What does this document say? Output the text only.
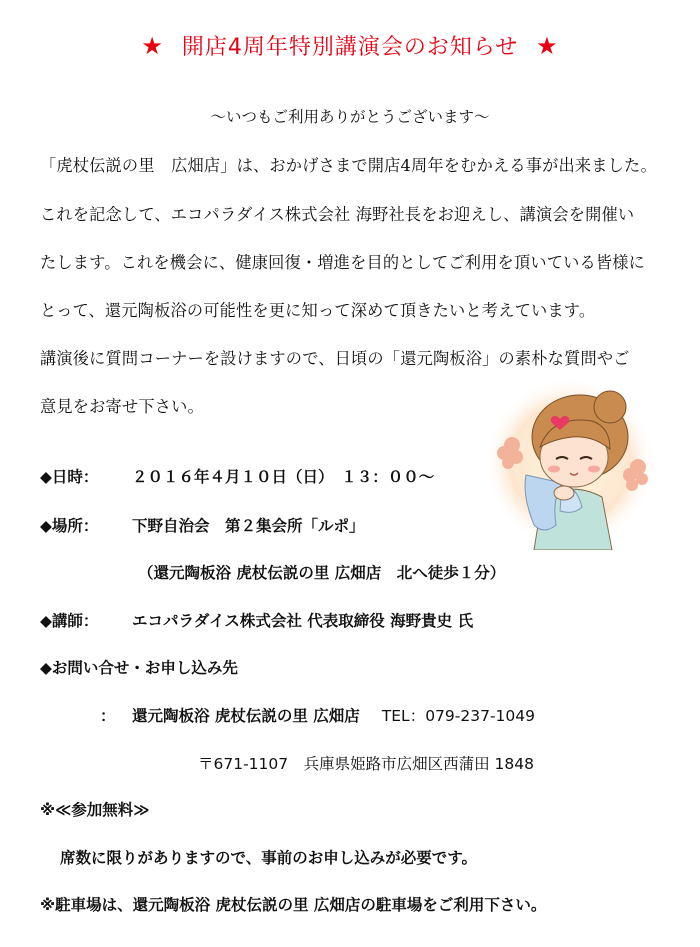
★ 開店4周年特別講演会のお知らせ ★
～いつもご利用ありがとうございます～

「虎杖伝説の里　広畑店」は、おかげさまで開店4周年をむかえる事が出来ました。

これを記念して、エコパラダイス株式会社 海野社長をお迎えし、講演会を開催い

たします。これを機会に、健康回復・増進を目的としてご利用を頂いている皆様に

とって、還元陶板浴の可能性を更に知って深めて頂きたいと考えています。

講演後に質問コーナーを設けますので、日頃の「還元陶板浴」の素朴な質問やご

意見をお寄せ下さい。

◆日時： ２０１６年４月１０日（日）　１３：００～
◆場所： 下野自治会　第２集会所「ルポ」
（還元陶板浴 虎杖伝説の里 広畑店　北へ徒歩１分）
◆講師： エコパラダイス株式会社 代表取締役 海野貴史 氏
◆お問い合せ・お申し込み先
： 還元陶板浴 虎杖伝説の里 広畑店 TEL：079-237-1049
〒671-1107　兵庫県姫路市広畑区西蒲田 1848
※≪参加無料≫
席数に限りがありますので、事前のお申し込みが必要です。
※駐車場は、還元陶板浴 虎杖伝説の里 広畑店の駐車場をご利用下さい。
